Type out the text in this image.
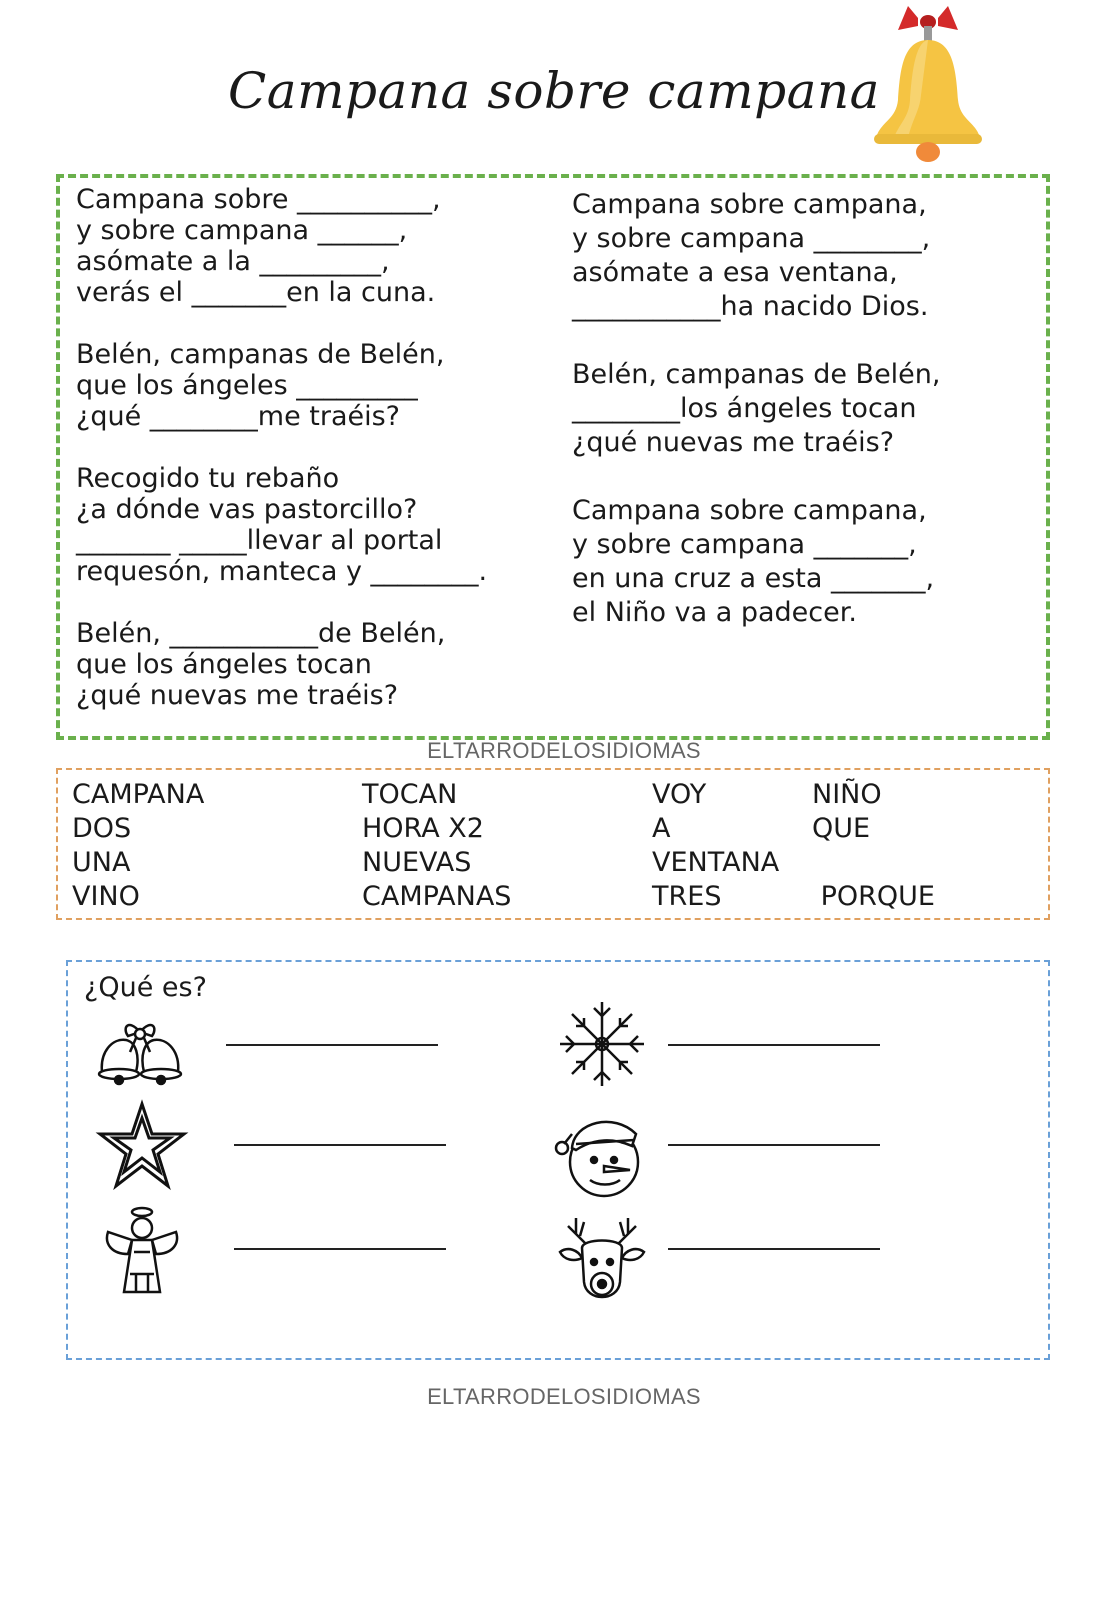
Campana sobre campana
Campana sobre __________,
y sobre campana ______,
asómate a la _________,
verás el _______en la cuna.
Belén, campanas de Belén,
que los ángeles _________
¿qué ________me traéis?
Recogido tu rebaño
¿a dónde vas pastorcillo?
_______ _____llevar al portal
requesón, manteca y ________.
Belén, ___________de Belén,
que los ángeles tocan
¿qué nuevas me traéis?
Campana sobre campana,
y sobre campana ________,
asómate a esa ventana,
___________ha nacido Dios.
Belén, campanas de Belén,
________los ángeles tocan
¿qué nuevas me traéis?
Campana sobre campana,
y sobre campana _______,
en una cruz a esta _______,
el Niño va a padecer.
ELTARRODELOSIDIOMAS
CAMPANA
DOS
UNA
VINO
TOCAN
HORA X2
NUEVAS
CAMPANAS
VOY
A
VENTANA
TRES
NIÑO
QUE
PORQUE
¿Qué es?
ELTARRODELOSIDIOMAS
